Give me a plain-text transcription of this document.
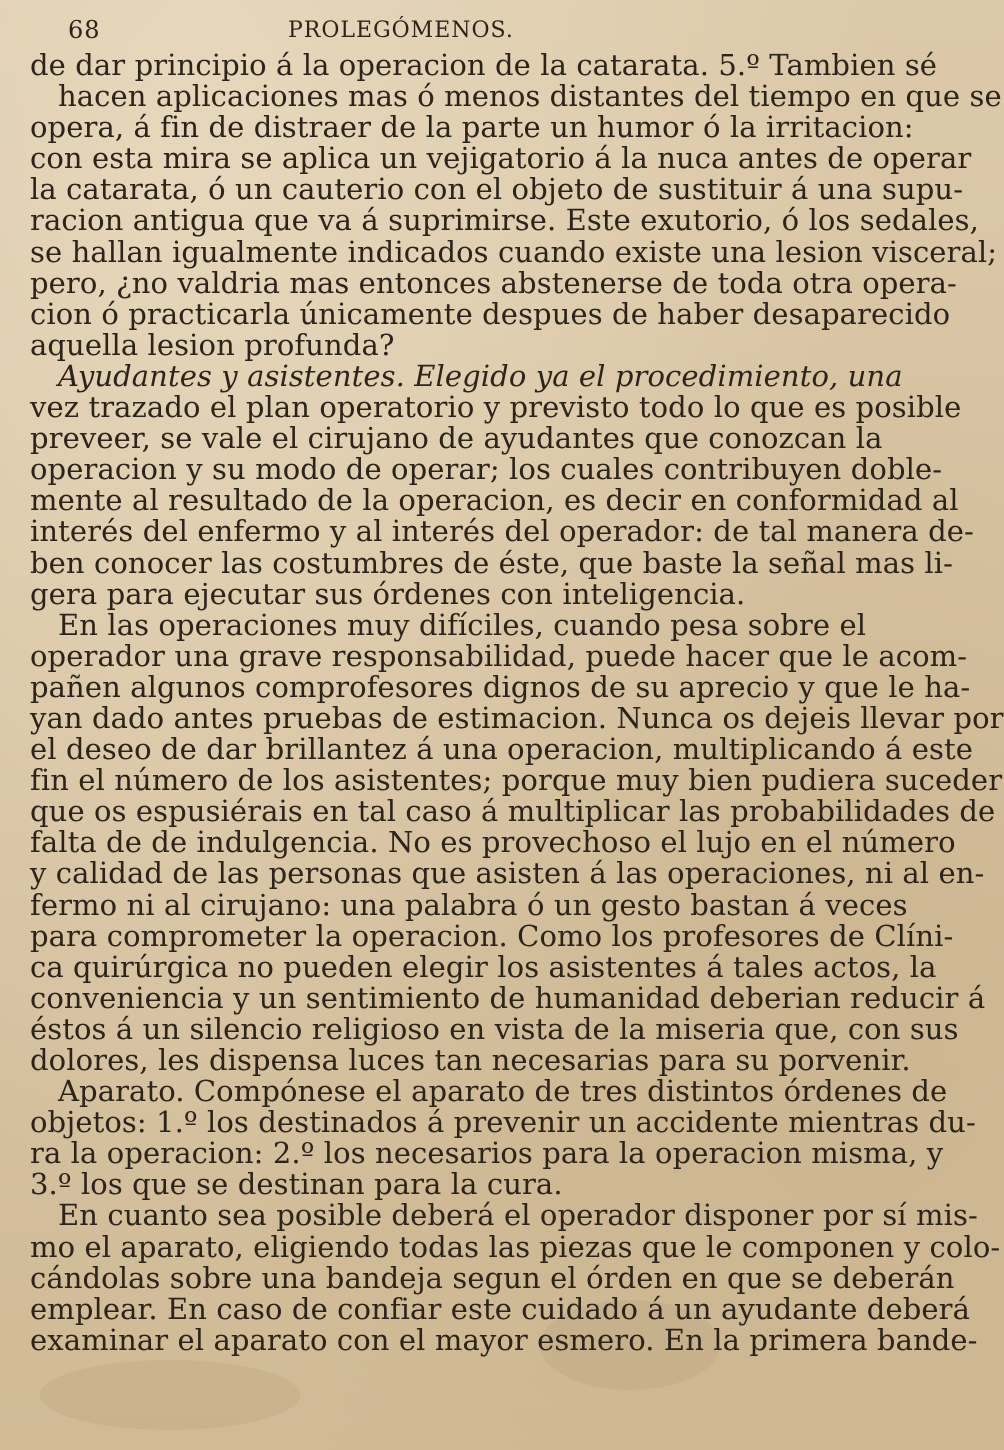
68	PROLEGÓMENOS.
de dar principio á la operacion de la catarata. 5.º Tambien sé
hacen aplicaciones mas ó menos distantes del tiempo en que se
opera, á fin de distraer de la parte un humor ó la irritacion:
con esta mira se aplica un vejigatorio á la nuca antes de operar
la catarata, ó un cauterio con el objeto de sustituir á una supu-
racion antigua que va á suprimirse. Este exutorio, ó los sedales,
se hallan igualmente indicados cuando existe una lesion visceral;
pero, ¿no valdria mas entonces abstenerse de toda otra opera-
cion ó practicarla únicamente despues de haber desaparecido
aquella lesion profunda?
Ayudantes y asistentes. Elegido ya el procedimiento, una
vez trazado el plan operatorio y previsto todo lo que es posible
preveer, se vale el cirujano de ayudantes que conozcan la
operacion y su modo de operar; los cuales contribuyen doble-
mente al resultado de la operacion, es decir en conformidad al
interés del enfermo y al interés del operador: de tal manera de-
ben conocer las costumbres de éste, que baste la señal mas li-
gera para ejecutar sus órdenes con inteligencia.
En las operaciones muy difíciles, cuando pesa sobre el
operador una grave responsabilidad, puede hacer que le acom-
pañen algunos comprofesores dignos de su aprecio y que le ha-
yan dado antes pruebas de estimacion. Nunca os dejeis llevar por
el deseo de dar brillantez á una operacion, multiplicando á este
fin el número de los asistentes; porque muy bien pudiera suceder
que os espusiérais en tal caso á multiplicar las probabilidades de
falta de de indulgencia. No es provechoso el lujo en el número
y calidad de las personas que asisten á las operaciones, ni al en-
fermo ni al cirujano: una palabra ó un gesto bastan á veces
para comprometer la operacion. Como los profesores de Clíni-
ca quirúrgica no pueden elegir los asistentes á tales actos, la
conveniencia y un sentimiento de humanidad deberian reducir á
éstos á un silencio religioso en vista de la miseria que, con sus
dolores, les dispensa luces tan necesarias para su porvenir.
Aparato. Compónese el aparato de tres distintos órdenes de
objetos: 1.º los destinados á prevenir un accidente mientras du-
ra la operacion: 2.º los necesarios para la operacion misma, y
3.º los que se destinan para la cura.
En cuanto sea posible deberá el operador disponer por sí mis-
mo el aparato, eligiendo todas las piezas que le componen y colo-
cándolas sobre una bandeja segun el órden en que se deberán
emplear. En caso de confiar este cuidado á un ayudante deberá
examinar el aparato con el mayor esmero. En la primera bande-
